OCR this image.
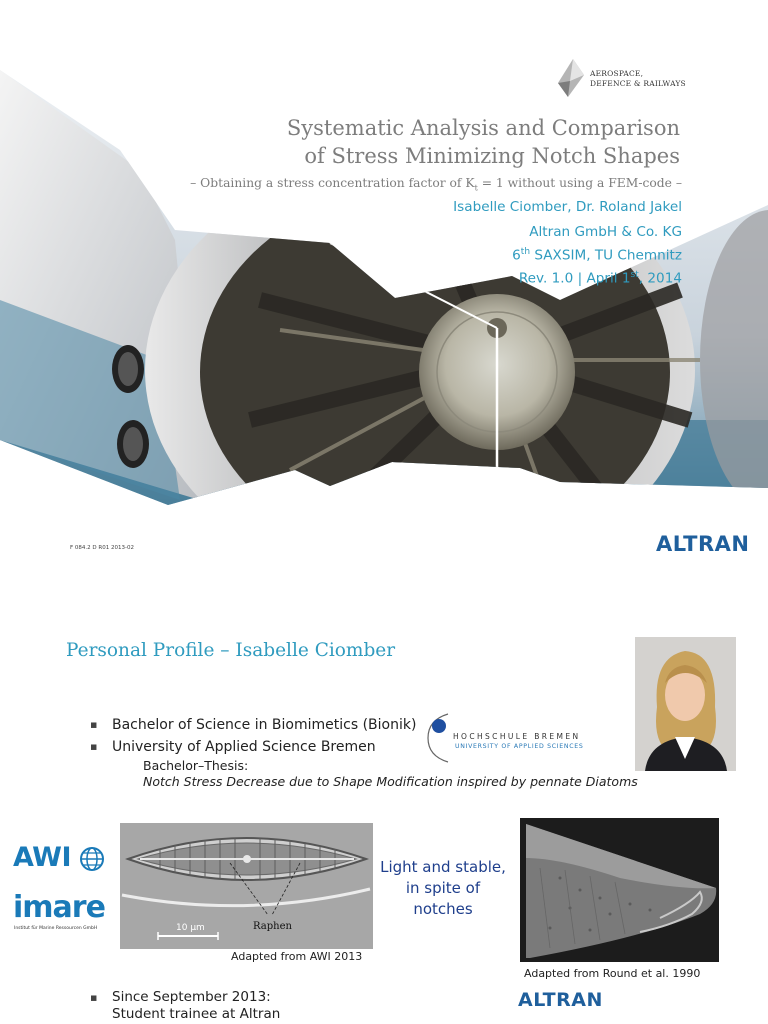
AEROSPACE,
DEFENCE & RAILWAYS
Systematic Analysis and Comparison
of Stress Minimizing Notch Shapes
– Obtaining a stress concentration factor of $K_t = 1$ without using a FEM-code –
Isabelle Ciomber, Dr. Roland Jakel
Altran GmbH & Co. KG
6th SAXSIM, TU Chemnitz
Rev. 1.0 | April 1st, 2014
F 084.2 D R01 2013-02	ALTRAN
Personal Profile – Isabelle Ciomber
▪ Bachelor of Science in Biomimetics (Bionik)
▪ University of Applied Science Bremen
Bachelor–Thesis:
Notch Stress Decrease due to Shape Modification inspired by pennate Diatoms
HOCHSCHULE BREMEN
UNIVERSITY OF APPLIED SCIENCES
AWI
imare
Institut für Marine Ressourcen GmbH	10 µm	Raphen
Adapted from AWI 2013
Light and stable,
in spite of
notches
Adapted from Round et al. 1990
▪ Since September 2013:
Student trainee at Altran
ALTRAN
